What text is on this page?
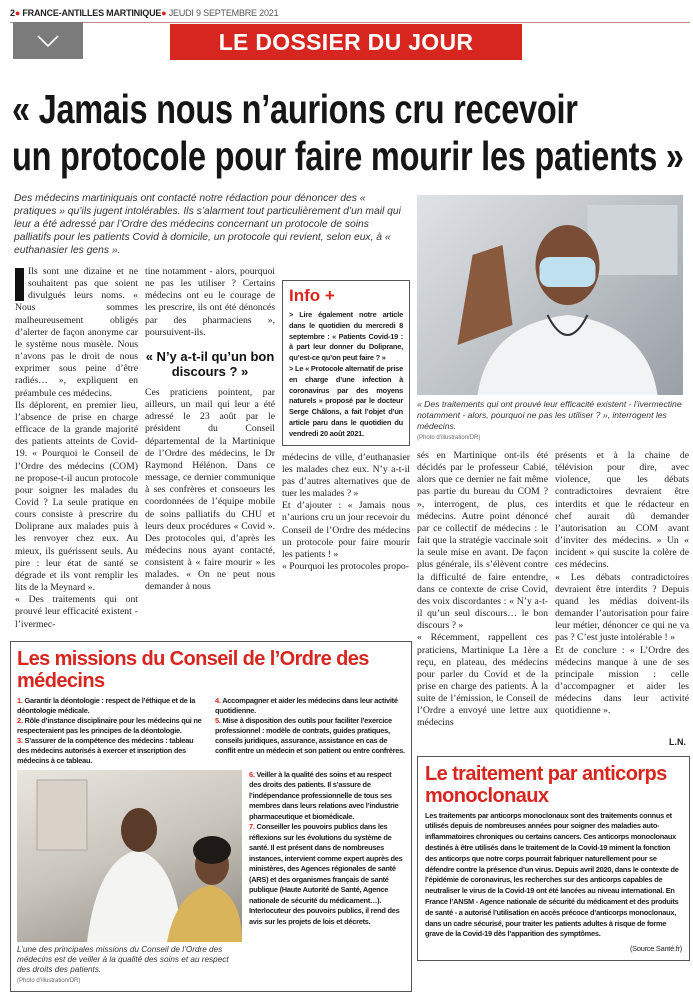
2● FRANCE-ANTILLES MARTINIQUE● JEUDI 9 SEPTEMBRE 2021
LE DOSSIER DU JOUR
« Jamais nous n’aurions cru recevoir
un protocole pour faire mourir les patients »
Des médecins martiniquais ont contacté notre rédaction pour dénoncer des « pratiques » qu’ils jugent intolérables. Ils s’alarment tout particulièrement d’un mail qui leur a été adressé par l’Ordre des médecins concernant un protocole de soins palliatifs pour les patients Covid à domicile, un protocole qui revient, selon eux, à « euthanasier les gens ».

Ils sont une dizaine et ne souhaitent pas que soient divulgués leurs noms. « Nous sommes malheureusement obligés d’alerter de façon anonyme car le système nous musèle. Nous n’avons pas le droit de nous exprimer sous peine d’être radiés… », expliquent en préambule ces médecins.

Ils déplorent, en premier lieu, l’absence de prise en charge efficace de la grande majorité des patients atteints de Covid-19. « Pourquoi le Conseil de l’Ordre des médecins (COM) ne propose-t-il aucun protocole pour soigner les malades du Covid ? La seule pratique en cours consiste à prescrire du Doliprane aux malades puis à les renvoyer chez eux. Au mieux, ils guérissent seuls. Au pire : leur état de santé se dégrade et ils vont remplir les lits de la Meynard ».

« Des traitements qui ont prouvé leur efficacité existent - l’ivermec-

tine notamment - alors, pourquoi ne pas les utiliser ? Certains médecins ont eu le courage de les prescrire, ils ont été dénoncés par des pharmaciens », poursuivent-ils.

« N’y a-t-il qu’un bon discours ? »

Ces praticiens pointent, par ailleurs, un mail qui leur a été adressé le 23 août par le président du Conseil départemental de la Martinique de l’Ordre des médecins, le Dr Raymond Hélénon. Dans ce message, ce dernier communique à ses confrères et consoeurs les coordonnées de l’équipe mobile de soins palliatifs du CHU et leurs deux procédures « Covid ». Des protocoles qui, d’après les médecins nous ayant contacté, consistent à « faire mourir » les malades. « On ne peut nous demander à nous

Info +
> Lire également notre article dans le quotidien du mercredi 8 septembre : « Patients Covid-19 : à part leur donner du Doliprane, qu’est-ce qu’on peut faire ? »
> Le « Protocole alternatif de prise en charge d’une infection à coronavirus par des moyens naturels » proposé par le docteur Serge Châlons, a fait l’objet d’un article paru dans le quotidien du vendredi 20 août 2021.

médecins de ville, d’euthanasier les malades chez eux. N’y a-t-il pas d’autres alternatives que de tuer les malades ? »

Et d’ajouter : « Jamais nous n’aurions cru un jour recevoir du Conseil de l’Ordre des médecins un protocole pour faire mourir les patients ! »

« Pourquoi les protocoles propo-

Les missions du Conseil de l’Ordre des médecins
1. Garantir la déontologie : respect de l’éthique et de la déontologie médicale.
2. Rôle d’instance disciplinaire pour les médecins qui ne respecteraient pas les principes de la déontologie.
3. S’assurer de la compétence des médecins : tableau des médecins autorisés à exercer et inscription des médecins à ce tableau.
4. Accompagner et aider les médecins dans leur activité quotidienne.
5. Mise à disposition des outils pour faciliter l’exercice professionnel : modèle de contrats, guides pratiques, conseils juridiques, assurance, assistance en cas de conflit entre un médecin et son patient ou entre confrères.
L’une des principales missions du Conseil de l’Ordre des médecins est de veiller à la qualité des soins et au respect des droits des patients.
(Photo d’illustration/DR)
6. Veiller à la qualité des soins et au respect des droits des patients. Il s’assure de l’indépendance professionnelle de tous ses membres dans leurs relations avec l’industrie pharmaceutique et biomédicale.
7. Conseiller les pouvoirs publics dans les réflexions sur les évolutions du système de santé. Il est présent dans de nombreuses instances, intervient comme expert auprès des ministères, des Agences régionales de santé (ARS) et des organismes français de santé publique (Haute Autorité de Santé, Agence nationale de sécurité du médicament…). Interlocuteur des pouvoirs publics, il rend des avis sur les projets de lois et décrets.
« Des traitements qui ont prouvé leur efficacité existent - l’ivermectine notamment - alors, pourquoi ne pas les utiliser ? », interrogent les médecins.
(Photo d’illustration/DR)

sés en Martinique ont-ils été décidés par le professeur Cabié, alors que ce dernier ne fait même pas partie du bureau du COM ? », interrogent, de plus, ces médecins. Autre point dénoncé par ce collectif de médecins : le fait que la stratégie vaccinale soit la seule mise en avant. De façon plus générale, ils s’élèvent contre la difficulté de faire entendre, dans ce contexte de crise Covid, des voix discordantes : « N’y a-t-il qu’un seul discours… le bon discours ? »

« Récemment, rappellent ces praticiens, Martinique La 1ère a reçu, en plateau, des médecins pour parler du Covid et de la prise en charge des patients. À la suite de l’émission, le Conseil de l’Ordre a envoyé une lettre aux médecins

présents et à la chaine de télévision pour dire, avec violence, que les débats contradictoires devraient être interdits et que le rédacteur en chef aurait dû demander l’autorisation au COM avant d’inviter des médecins. » Un « incident » qui suscite la colère de ces médecins.

« Les débats contradictoires devraient être interdits ? Depuis quand les médias doivent-ils demander l’autorisation pour faire leur métier, dénoncer ce qui ne va pas ? C’est juste intolérable ! »

Et de conclure : « L’Ordre des médecins manque à une de ses principale mission : celle d’accompagner et aider les médecins dans leur activité quotidienne ».

L.N.
Le traitement par anticorps monoclonaux
Les traitements par anticorps monoclonaux sont des traitements connus et utilisés depuis de nombreuses années pour soigner des maladies auto-inflammatoires chroniques ou certains cancers. Ces anticorps monoclonaux destinés à être utilisés dans le traitement de la Covid-19 miment la fonction des anticorps que notre corps pourrait fabriquer naturellement pour se défendre contre la présence d’un virus. Depuis avril 2020, dans le contexte de l’épidémie de coronavirus, les recherches sur des anticorps capables de neutraliser le virus de la Covid-19 ont été lancées au niveau international. En France l’ANSM - Agence nationale de sécurité du médicament et des produits de santé - a autorisé l’utilisation en accès précoce d’anticorps monoclonaux, dans un cadre sécurisé, pour traiter les patients adultes à risque de forme grave de la Covid-19 dès l’apparition des symptômes.
(Source Santé.fr)
